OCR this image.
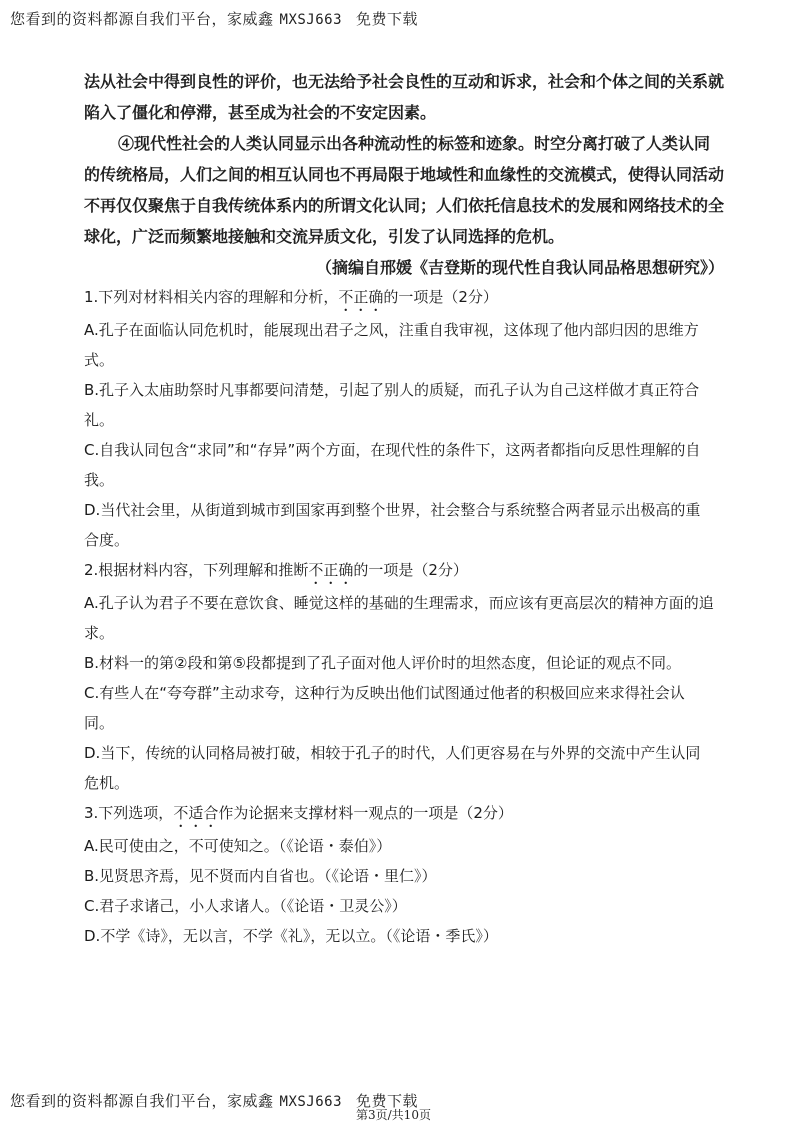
您看到的资料都源自我们平台，家威鑫 MXSJ663 免费下载

法从社会中得到良性的评价，也无法给予社会良性的互动和诉求，社会和个体之间的关系就陷入了僵化和停滞，甚至成为社会的不安定因素。

④现代性社会的人类认同显示出各种流动性的标签和迹象。时空分离打破了人类认同的传统格局，人们之间的相互认同也不再局限于地域性和血缘性的交流模式，使得认同活动不再仅仅聚焦于自我传统体系内的所谓文化认同；人们依托信息技术的发展和网络技术的全球化，广泛而频繁地接触和交流异质文化，引发了认同选择的危机。

（摘编自邢媛《吉登斯的现代性自我认同品格思想研究》）

1.下列对材料相关内容的理解和分析，不正确的一项是（2分）

A.孔子在面临认同危机时，能展现出君子之风，注重自我审视，这体现了他内部归因的思维方式。

B.孔子入太庙助祭时凡事都要问清楚，引起了别人的质疑，而孔子认为自己这样做才真正符合礼。

C.自我认同包含“求同”和“存异”两个方面，在现代性的条件下，这两者都指向反思性理解的自我。

D.当代社会里，从街道到城市到国家再到整个世界，社会整合与系统整合两者显示出极高的重合度。

2.根据材料内容，下列理解和推断不正确的一项是（2分）

A.孔子认为君子不要在意饮食、睡觉这样的基础的生理需求，而应该有更高层次的精神方面的追求。

B.材料一的第②段和第⑤段都提到了孔子面对他人评价时的坦然态度，但论证的观点不同。

C.有些人在“夸夸群”主动求夸，这种行为反映出他们试图通过他者的积极回应来求得社会认同。

D.当下，传统的认同格局被打破，相较于孔子的时代，人们更容易在与外界的交流中产生认同危机。

3.下列选项，不适合作为论据来支撑材料一观点的一项是（2分）

A.民可使由之，不可使知之。（《论语・泰伯》）

B.见贤思齐焉，见不贤而内自省也。（《论语・里仁》）

C.君子求诸己，小人求诸人。（《论语・卫灵公》）

D.不学《诗》，无以言，不学《礼》，无以立。（《论语・季氏》）

您看到的资料都源自我们平台，家威鑫 MXSJ663 免费下载
第3页/共10页
